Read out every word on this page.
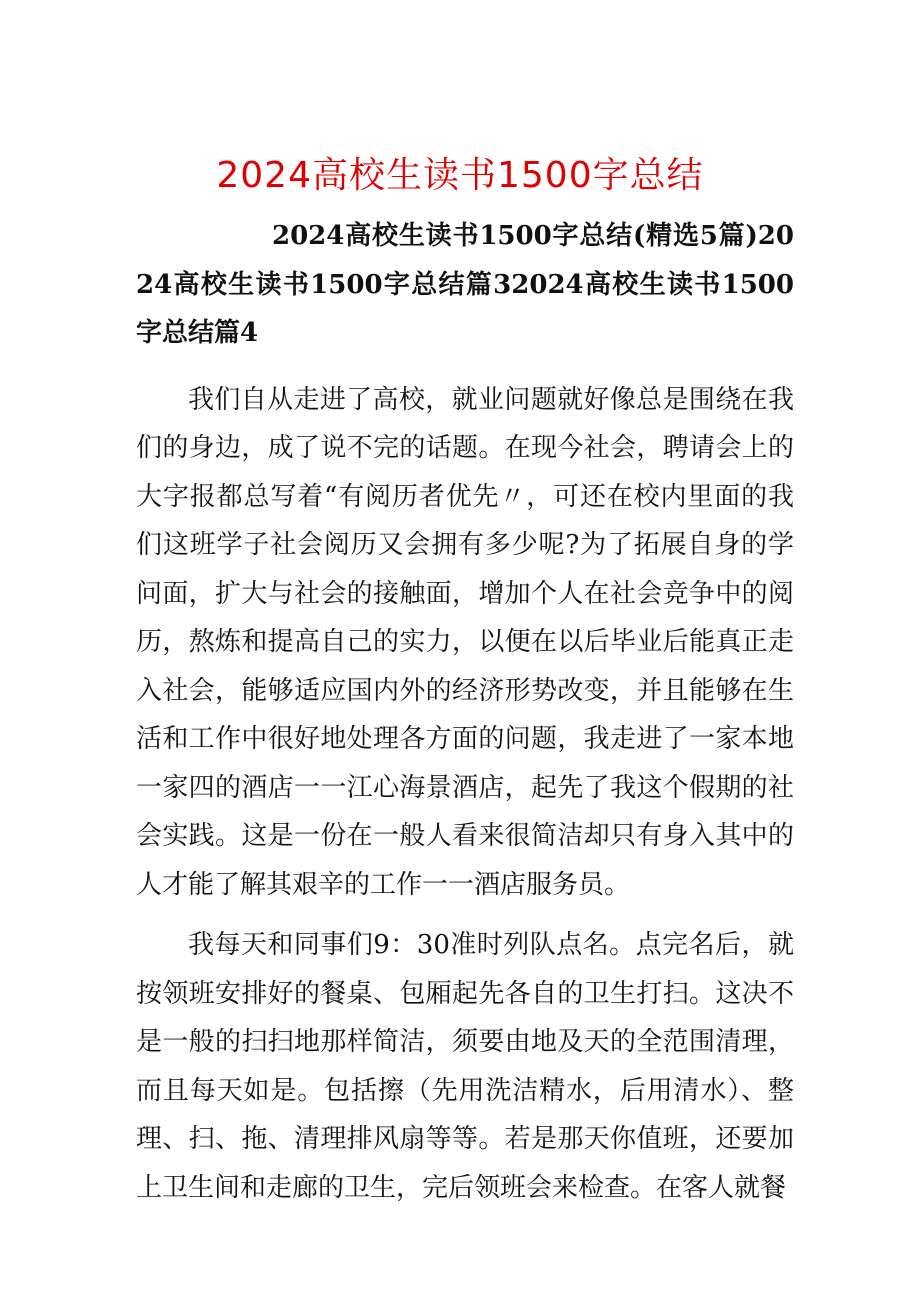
2024高校生读书1500字总结

2024高校生读书1500字总结(精选5篇)2024高校生读书1500字总结篇32024高校生读书1500字总结篇4

我们自从走进了高校，就业问题就好像总是围绕在我们的身边，成了说不完的话题。在现今社会，聘请会上的大字报都总写着“有阅历者优先〃，可还在校内里面的我们这班学子社会阅历又会拥有多少呢?为了拓展自身的学问面，扩大与社会的接触面，增加个人在社会竞争中的阅历，熬炼和提高自己的实力，以便在以后毕业后能真正走入社会，能够适应国内外的经济形势改变，并且能够在生活和工作中很好地处理各方面的问题，我走进了一家本地一家四的酒店一一江心海景酒店，起先了我这个假期的社会实践。这是一份在一般人看来很简洁却只有身入其中的人才能了解其艰辛的工作一一酒店服务员。

我每天和同事们9：30准时列队点名。点完名后，就按领班安排好的餐桌、包厢起先各自的卫生打扫。这决不是一般的扫扫地那样简洁，须要由地及天的全范围清理，而且每天如是。包括擦（先用洗洁精水，后用清水）、整理、扫、拖、清理排风扇等等。若是那天你值班，还要加上卫生间和走廊的卫生，完后领班会来检查。在客人就餐
